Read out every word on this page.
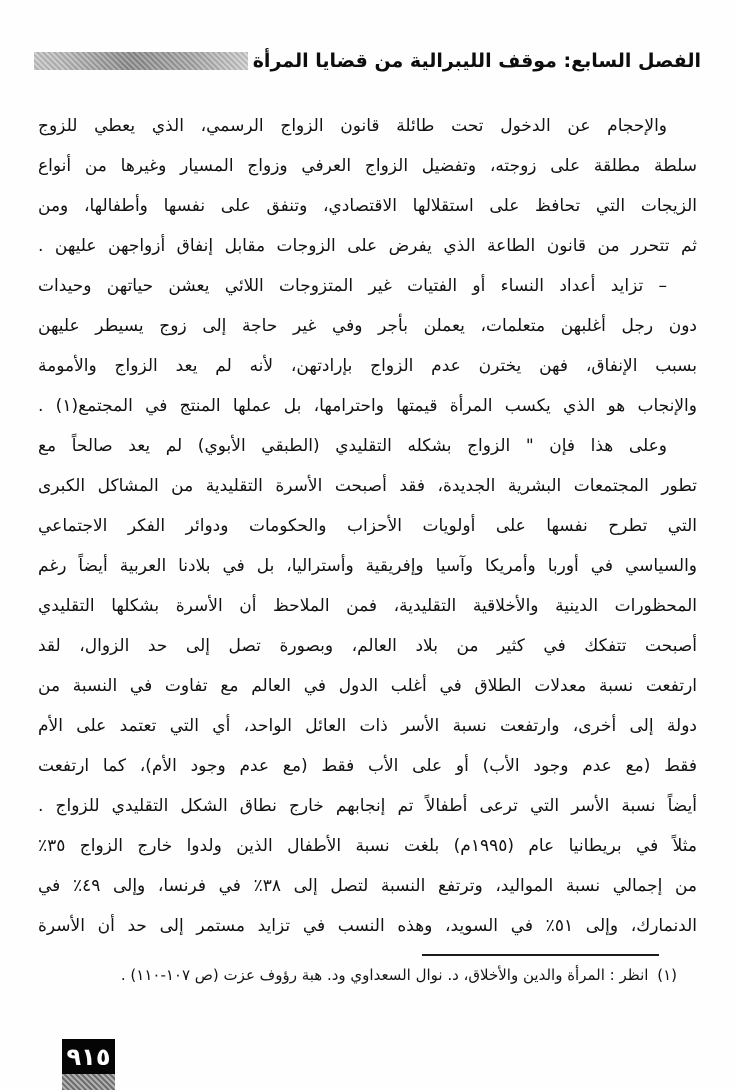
الفصل السابع: موقف الليبرالية من قضايا المرأة
والإحجام عن الدخول تحت طائلة قانون الزواج الرسمي، الذي يعطي للزوج
سلطة مطلقة على زوجته، وتفضيل الزواج العرفي وزواج المسيار وغيرها من أنواع
الزيجات التي تحافظ على استقلالها الاقتصادي، وتنفق على نفسها وأطفالها، ومن
ثم تتحرر من قانون الطاعة الذي يفرض على الزوجات مقابل إنفاق أزواجهن عليهن .
– تزايد أعداد النساء أو الفتيات غير المتزوجات اللائي يعشن حياتهن وحيدات
دون رجل أغلبهن متعلمات، يعملن بأجر وفي غير حاجة إلى زوج يسيطر عليهن
بسبب الإنفاق، فهن يخترن عدم الزواج بإرادتهن، لأنه لم يعد الزواج والأمومة
والإنجاب هو الذي يكسب المرأة قيمتها واحترامها، بل عملها المنتج في المجتمع(١) .
وعلى هذا فإن " الزواج بشكله التقليدي (الطبقي الأبوي) لم يعد صالحاً مع
تطور المجتمعات البشرية الجديدة، فقد أصبحت الأسرة التقليدية من المشاكل الكبرى
التي تطرح نفسها على أولويات الأحزاب والحكومات ودوائر الفكر الاجتماعي
والسياسي في أوربا وأمريكا وآسيا وإفريقية وأستراليا، بل في بلادنا العربية أيضاً رغم
المحظورات الدينية والأخلاقية التقليدية، فمن الملاحظ أن الأسرة بشكلها التقليدي
أصبحت تتفكك في كثير من بلاد العالم، وبصورة تصل إلى حد الزوال، لقد
ارتفعت نسبة معدلات الطلاق في أغلب الدول في العالم مع تفاوت في النسبة من
دولة إلى أخرى، وارتفعت نسبة الأسر ذات العائل الواحد، أي التي تعتمد على الأم
فقط (مع عدم وجود الأب) أو على الأب فقط (مع عدم وجود الأم)، كما ارتفعت
أيضاً نسبة الأسر التي ترعى أطفالاً تم إنجابهم خارج نطاق الشكل التقليدي للزواج .
مثلاً في بريطانيا عام (١٩٩٥م) بلغت نسبة الأطفال الذين ولدوا خارج الزواج ٣٥٪
من إجمالي نسبة المواليد، وترتفع النسبة لتصل إلى ٣٨٪ في فرنسا، وإلى ٤٩٪ في
الدنمارك، وإلى ٥١٪ في السويد، وهذه النسب في تزايد مستمر إلى حد أن الأسرة
(١) انظر : المرأة والدين والأخلاق، د. نوال السعداوي ود. هبة رؤوف عزت (ص ١٠٧-١١٠) .
٩١٥
